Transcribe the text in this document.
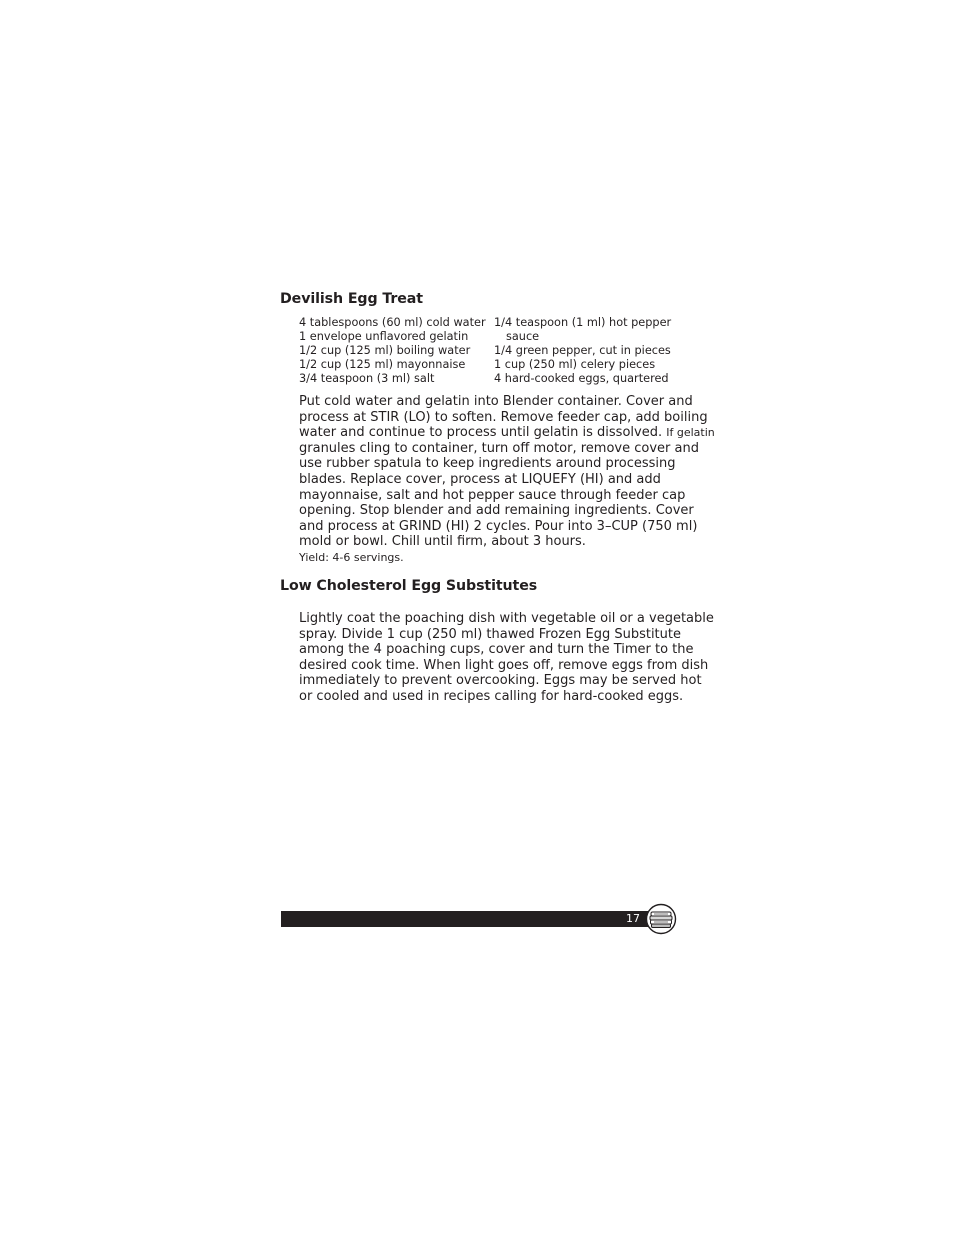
Devilish Egg Treat
4 tablespoons (60 ml) cold water
1 envelope unflavored gelatin
1/2 cup (125 ml) boiling water
1/2 cup (125 ml) mayonnaise
3/4 teaspoon (3 ml) salt
1/4 teaspoon (1 ml) hot pepper
sauce
1/4 green pepper, cut in pieces
1 cup (250 ml) celery pieces
4 hard-cooked eggs, quartered
Put cold water and gelatin into Blender container. Cover and
process at STIR (LO) to soften. Remove feeder cap, add boiling
water and continue to process until gelatin is dissolved. If gelatin
granules cling to container, turn off motor, remove cover and
use rubber spatula to keep ingredients around processing
blades. Replace cover, process at LIQUEFY (HI) and add
mayonnaise, salt and hot pepper sauce through feeder cap
opening. Stop blender and add remaining ingredients. Cover
and process at GRIND (HI) 2 cycles. Pour into 3–CUP (750 ml)
mold or bowl. Chill until firm, about 3 hours.
Yield: 4-6 servings.
Low Cholesterol Egg Substitutes
Lightly coat the poaching dish with vegetable oil or a vegetable
spray. Divide 1 cup (250 ml) thawed Frozen Egg Substitute
among the 4 poaching cups, cover and turn the Timer to the
desired cook time. When light goes off, remove eggs from dish
immediately to prevent overcooking. Eggs may be served hot
or cooled and used in recipes calling for hard-cooked eggs.
17
